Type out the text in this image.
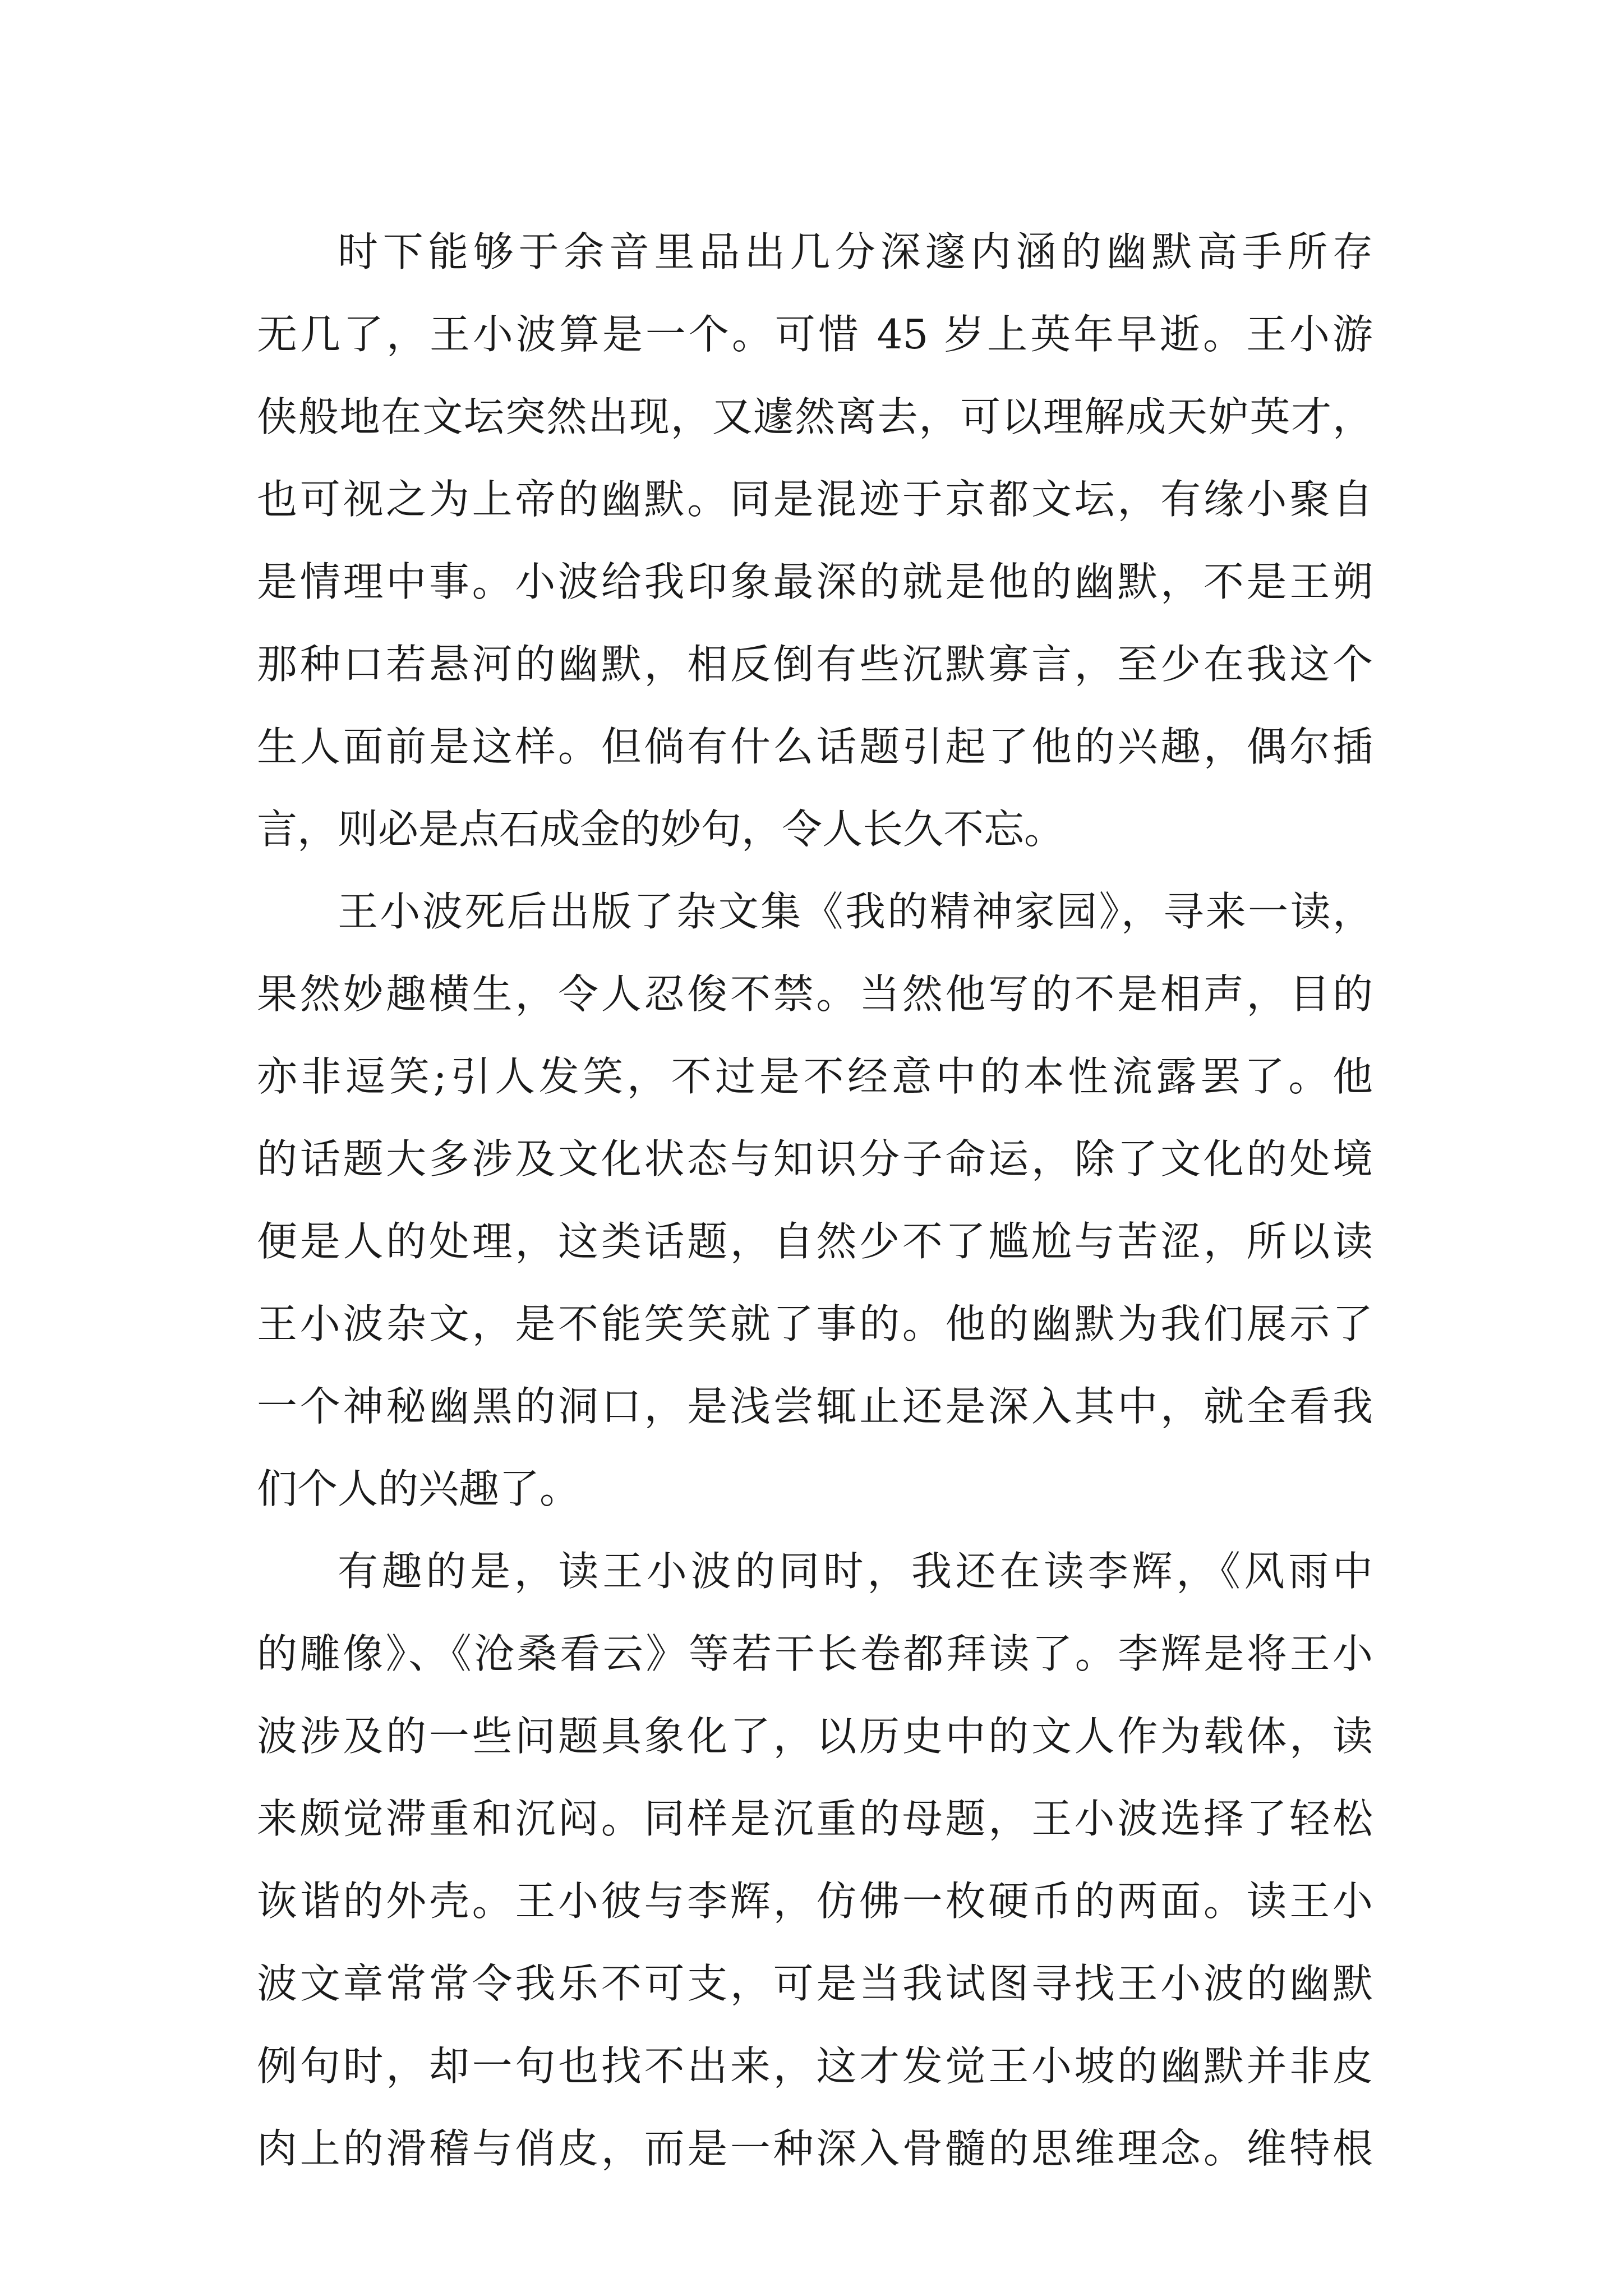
时下能够于余音里品出几分深邃内涵的幽默高手所存
无几了，王小波算是一个。可惜 45 岁上英年早逝。王小游
侠般地在文坛突然出现，又遽然离去，可以理解成天妒英才，
也可视之为上帝的幽默。同是混迹于京都文坛，有缘小聚自
是情理中事。小波给我印象最深的就是他的幽默，不是王朔
那种口若悬河的幽默，相反倒有些沉默寡言，至少在我这个
生人面前是这样。但倘有什么话题引起了他的兴趣，偶尔插
言，则必是点石成金的妙句，令人长久不忘。
王小波死后出版了杂文集《我的精神家园》，寻来一读，
果然妙趣横生，令人忍俊不禁。当然他写的不是相声，目的
亦非逗笑;引人发笑，不过是不经意中的本性流露罢了。他
的话题大多涉及文化状态与知识分子命运，除了文化的处境
便是人的处理，这类话题，自然少不了尴尬与苦涩，所以读
王小波杂文，是不能笑笑就了事的。他的幽默为我们展示了
一个神秘幽黑的洞口，是浅尝辄止还是深入其中，就全看我
们个人的兴趣了。
有趣的是，读王小波的同时，我还在读李辉，《风雨中
的雕像》、《沧桑看云》等若干长卷都拜读了。李辉是将王小
波涉及的一些问题具象化了，以历史中的文人作为载体，读
来颇觉滞重和沉闷。同样是沉重的母题，王小波选择了轻松
诙谐的外壳。王小彼与李辉，仿佛一枚硬币的两面。读王小
波文章常常令我乐不可支，可是当我试图寻找王小波的幽默
例句时，却一句也找不出来，这才发觉王小坡的幽默并非皮
肉上的滑稽与俏皮，而是一种深入骨髓的思维理念。维特根
